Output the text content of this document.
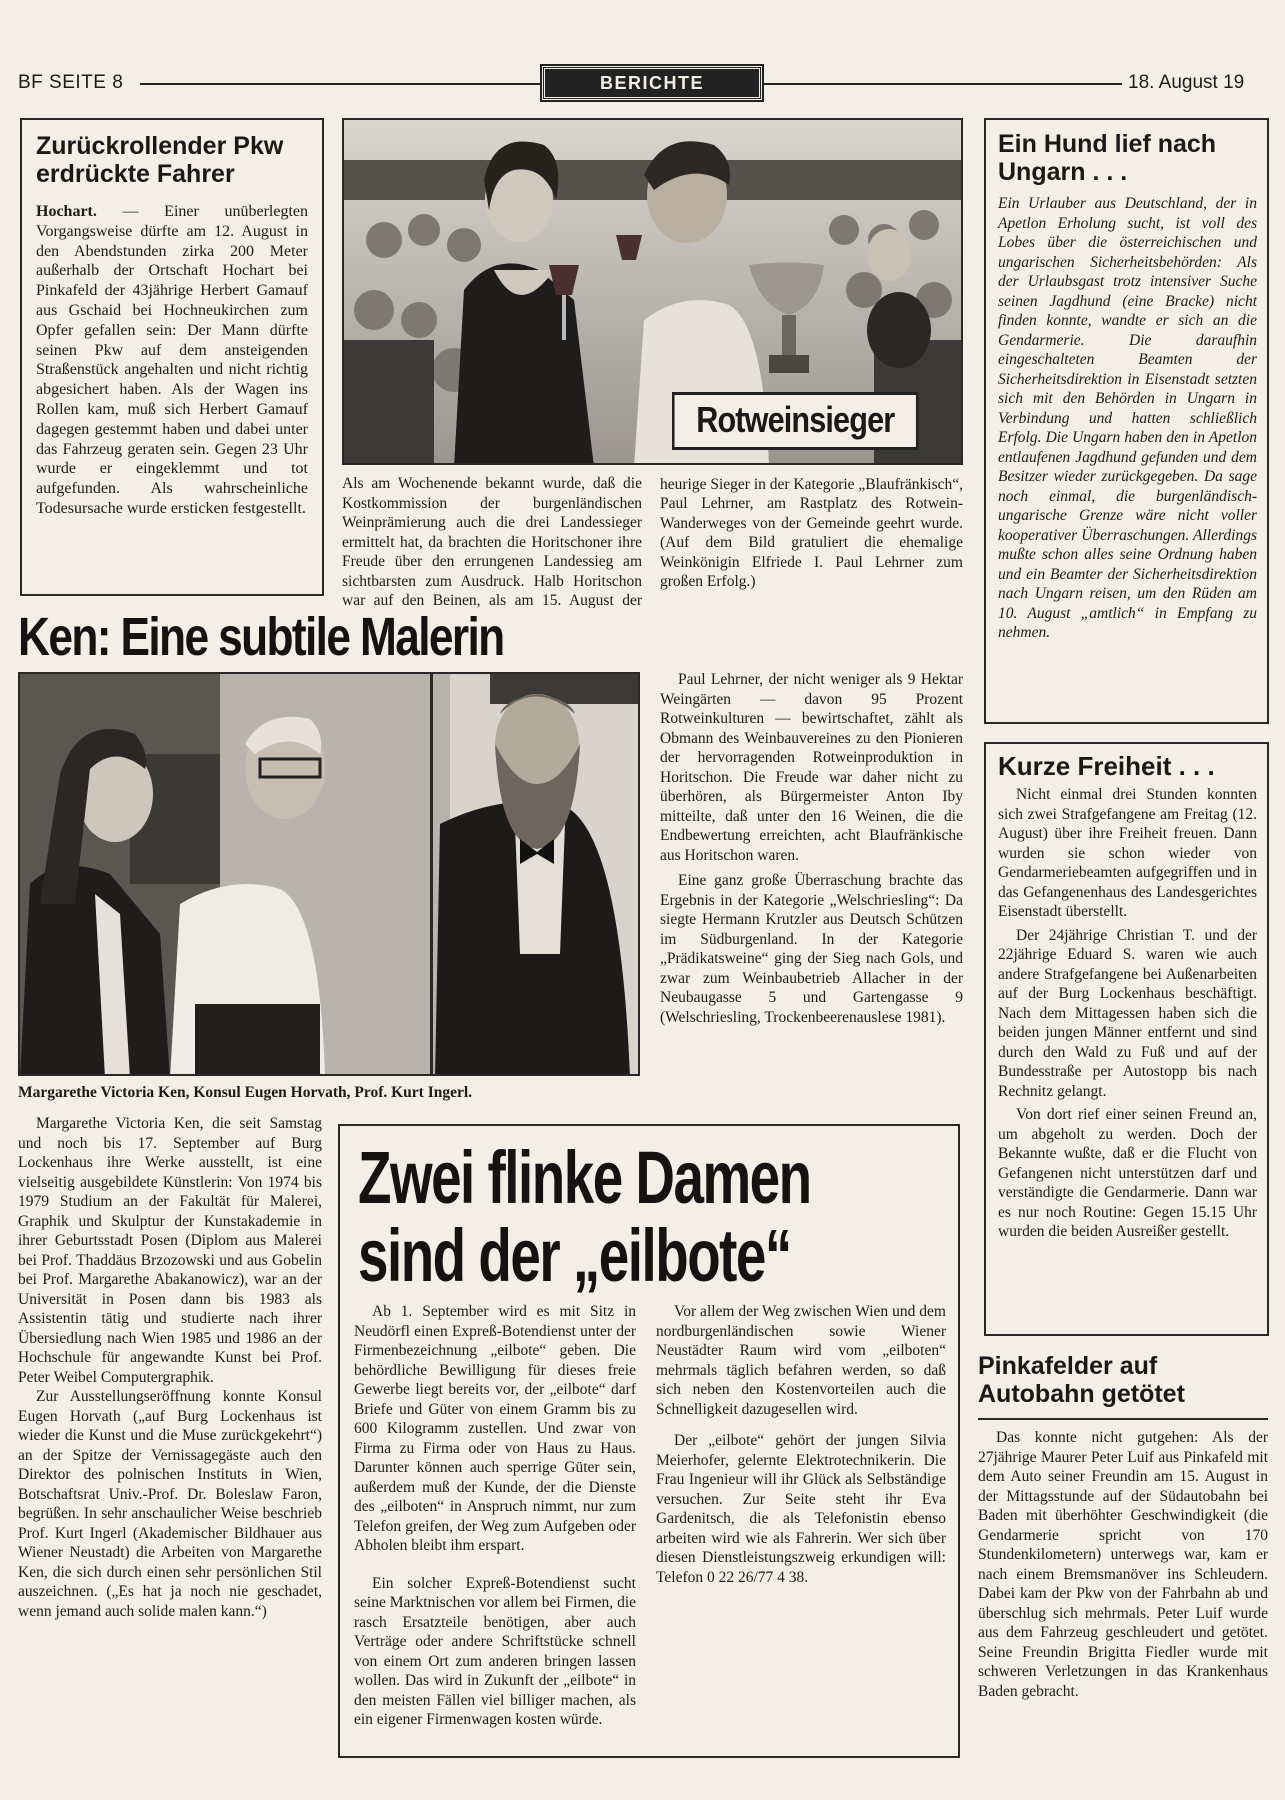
BF SEITE 8	BERICHTE	18. August 19
Zurückrollender Pkw erdrückte Fahrer
Hochart. — Einer unüberlegten Vorgangsweise dürfte am 12. August in den Abendstunden zirka 200 Meter außerhalb der Ortschaft Hochart bei Pinkafeld der 43jährige Herbert Gamauf aus Gschaid bei Hochneukirchen zum Opfer gefallen sein: Der Mann dürfte seinen Pkw auf dem ansteigenden Straßenstück angehalten und nicht richtig abgesichert haben. Als der Wagen ins Rollen kam, muß sich Herbert Gamauf dagegen gestemmt haben und dabei unter das Fahrzeug geraten sein. Gegen 23 Uhr wurde er eingeklemmt und tot aufgefunden. Als wahrscheinliche Todesursache wurde ersticken festgestellt.
Rotweinsieger
Als am Wochenende bekannt wurde, daß die Kostkommission der burgenländischen Weinprämierung auch die drei Landessieger ermittelt hat, da brachten die Horitschoner ihre Freude über den errungenen Landessieg am sichtbarsten zum Ausdruck. Halb Horitschon war auf den Beinen, als am 15. August der
heurige Sieger in der Kategorie „Blaufränkisch“, Paul Lehrner, am Rastplatz des Rotwein-Wanderweges von der Gemeinde geehrt wurde. (Auf dem Bild gratuliert die ehemalige Weinkönigin Elfriede I. Paul Lehrner zum großen Erfolg.)

Paul Lehrner, der nicht weniger als 9 Hektar Weingärten — davon 95 Prozent Rotweinkulturen — bewirtschaftet, zählt als Obmann des Weinbauvereines zu den Pionieren der hervorragenden Rotweinproduktion in Horitschon. Die Freude war daher nicht zu überhören, als Bürgermeister Anton Iby mitteilte, daß unter den 16 Weinen, die die Endbewertung erreichten, acht Blaufränkische aus Horitschon waren.

Eine ganz große Überraschung brachte das Ergebnis in der Kategorie „Welschriesling“: Da siegte Hermann Krutzler aus Deutsch Schützen im Südburgenland. In der Kategorie „Prädikatsweine“ ging der Sieg nach Gols, und zwar zum Weinbaubetrieb Allacher in der Neubaugasse 5 und Gartengasse 9 (Welschriesling, Trockenbeerenauslese 1981).

Ein Hund lief nach Ungarn . . .
Ein Urlauber aus Deutschland, der in Apetlon Erholung sucht, ist voll des Lobes über die österreichischen und ungarischen Sicherheitsbehörden: Als der Urlaubsgast trotz intensiver Suche seinen Jagdhund (eine Bracke) nicht finden konnte, wandte er sich an die Gendarmerie. Die daraufhin eingeschalteten Beamten der Sicherheitsdirektion in Eisenstadt setzten sich mit den Behörden in Ungarn in Verbindung und hatten schließlich Erfolg. Die Ungarn haben den in Apetlon entlaufenen Jagdhund gefunden und dem Besitzer wieder zurückgegeben. Da sage noch einmal, die burgenländisch-ungarische Grenze wäre nicht voller kooperativer Überraschungen. Allerdings mußte schon alles seine Ordnung haben und ein Beamter der Sicherheitsdirektion nach Ungarn reisen, um den Rüden am 10. August „amtlich“ in Empfang zu nehmen.
Ken: Eine subtile Malerin
Margarethe Victoria Ken, Konsul Eugen Horvath, Prof. Kurt Ingerl.

Margarethe Victoria Ken, die seit Samstag und noch bis 17. September auf Burg Lockenhaus ihre Werke ausstellt, ist eine vielseitig ausgebildete Künstlerin: Von 1974 bis 1979 Studium an der Fakultät für Malerei, Graphik und Skulptur der Kunstakademie in ihrer Geburtsstadt Posen (Diplom aus Malerei bei Prof. Thaddäus Brzozowski und aus Gobelin bei Prof. Margarethe Abakanowicz), war an der Universität in Posen dann bis 1983 als Assistentin tätig und studierte nach ihrer Übersiedlung nach Wien 1985 und 1986 an der Hochschule für angewandte Kunst bei Prof. Peter Weibel Computergraphik.

Zur Ausstellungseröffnung konnte Konsul Eugen Horvath („auf Burg Lockenhaus ist wieder die Kunst und die Muse zurückgekehrt“) an der Spitze der Vernissagegäste auch den Direktor des polnischen Instituts in Wien, Botschaftsrat Univ.-Prof. Dr. Boleslaw Faron, begrüßen. In sehr anschaulicher Weise beschrieb Prof. Kurt Ingerl (Akademischer Bildhauer aus Wiener Neustadt) die Arbeiten von Margarethe Ken, die sich durch einen sehr persönlichen Stil auszeichnen. („Es hat ja noch nie geschadet, wenn jemand auch solide malen kann.“)

Zwei flinke Damen
sind der „eilbote“

Ab 1. September wird es mit Sitz in Neudörfl einen Expreß-Botendienst unter der Firmenbezeichnung „eilbote“ geben. Die behördliche Bewilligung für dieses freie Gewerbe liegt bereits vor, der „eilbote“ darf Briefe und Güter von einem Gramm bis zu 600 Kilogramm zustellen. Und zwar von Firma zu Firma oder von Haus zu Haus. Darunter können auch sperrige Güter sein, außerdem muß der Kunde, der die Dienste des „eilboten“ in Anspruch nimmt, nur zum Telefon greifen, der Weg zum Aufgeben oder Abholen bleibt ihm erspart.

Ein solcher Expreß-Botendienst sucht seine Marktnischen vor allem bei Firmen, die rasch Ersatzteile benötigen, aber auch Verträge oder andere Schriftstücke schnell von einem Ort zum anderen bringen lassen wollen. Das wird in Zukunft der „eilbote“ in den meisten Fällen viel billiger machen, als ein eigener Firmenwagen kosten würde.

Vor allem der Weg zwischen Wien und dem nordburgenländischen sowie Wiener Neustädter Raum wird vom „eilboten“ mehrmals täglich befahren werden, so daß sich neben den Kostenvorteilen auch die Schnelligkeit dazugesellen wird.

Der „eilbote“ gehört der jungen Silvia Meierhofer, gelernte Elektrotechnikerin. Die Frau Ingenieur will ihr Glück als Selbständige versuchen. Zur Seite steht ihr Eva Gardenitsch, die als Telefonistin ebenso arbeiten wird wie als Fahrerin. Wer sich über diesen Dienstleistungszweig erkundigen will: Telefon 0 22 26/77 4 38.

Kurze Freiheit . . .

Nicht einmal drei Stunden konnten sich zwei Strafgefangene am Freitag (12. August) über ihre Freiheit freuen. Dann wurden sie schon wieder von Gendarmeriebeamten aufgegriffen und in das Gefangenenhaus des Landesgerichtes Eisenstadt überstellt.

Der 24jährige Christian T. und der 22jährige Eduard S. waren wie auch andere Strafgefangene bei Außenarbeiten auf der Burg Lockenhaus beschäftigt. Nach dem Mittagessen haben sich die beiden jungen Männer entfernt und sind durch den Wald zu Fuß und auf der Bundesstraße per Autostopp bis nach Rechnitz gelangt.

Von dort rief einer seinen Freund an, um abgeholt zu werden. Doch der Bekannte wußte, daß er die Flucht von Gefangenen nicht unterstützen darf und verständigte die Gendarmerie. Dann war es nur noch Routine: Gegen 15.15 Uhr wurden die beiden Ausreißer gestellt.

Pinkafelder auf Autobahn getötet

Das konnte nicht gutgehen: Als der 27jährige Maurer Peter Luif aus Pinkafeld mit dem Auto seiner Freundin am 15. August in der Mittagsstunde auf der Südautobahn bei Baden mit überhöhter Geschwindigkeit (die Gendarmerie spricht von 170 Stundenkilometern) unterwegs war, kam er nach einem Bremsmanöver ins Schleudern. Dabei kam der Pkw von der Fahrbahn ab und überschlug sich mehrmals. Peter Luif wurde aus dem Fahrzeug geschleudert und getötet. Seine Freundin Brigitta Fiedler wurde mit schweren Verletzungen in das Krankenhaus Baden gebracht.
